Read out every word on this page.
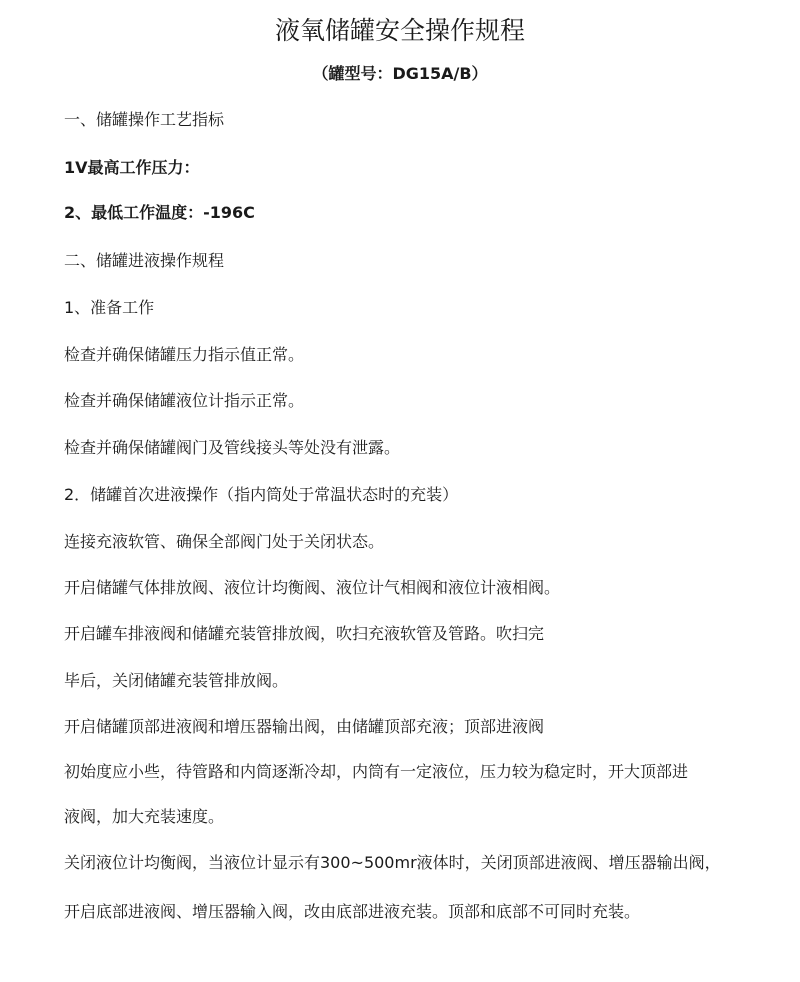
液氧储罐安全操作规程

（罐型号：DG15A/B）

一、储罐操作工艺指标

1V最高工作压力：

2、最低工作温度：-196C

二、储罐进液操作规程

1、准备工作

检查并确保储罐压力指示值正常。

检查并确保储罐液位计指示正常。

检查并确保储罐阀门及管线接头等处没有泄露。

2．储罐首次进液操作（指内筒处于常温状态时的充装）

连接充液软管、确保全部阀门处于关闭状态。

开启储罐气体排放阀、液位计均衡阀、液位计气相阀和液位计液相阀。

开启罐车排液阀和储罐充装管排放阀，吹扫充液软管及管路。吹扫完

毕后，关闭储罐充装管排放阀。

开启储罐顶部进液阀和增压器输出阀，由储罐顶部充液；顶部进液阀

初始度应小些，待管路和内筒逐渐冷却，内筒有一定液位，压力较为稳定时，开大顶部进

液阀，加大充装速度。

关闭液位计均衡阀，当液位计显示有300~500mr液体时，关闭顶部进液阀、增压器输出阀，

开启底部进液阀、增压器输入阀，改由底部进液充装。顶部和底部不可同时充装。
